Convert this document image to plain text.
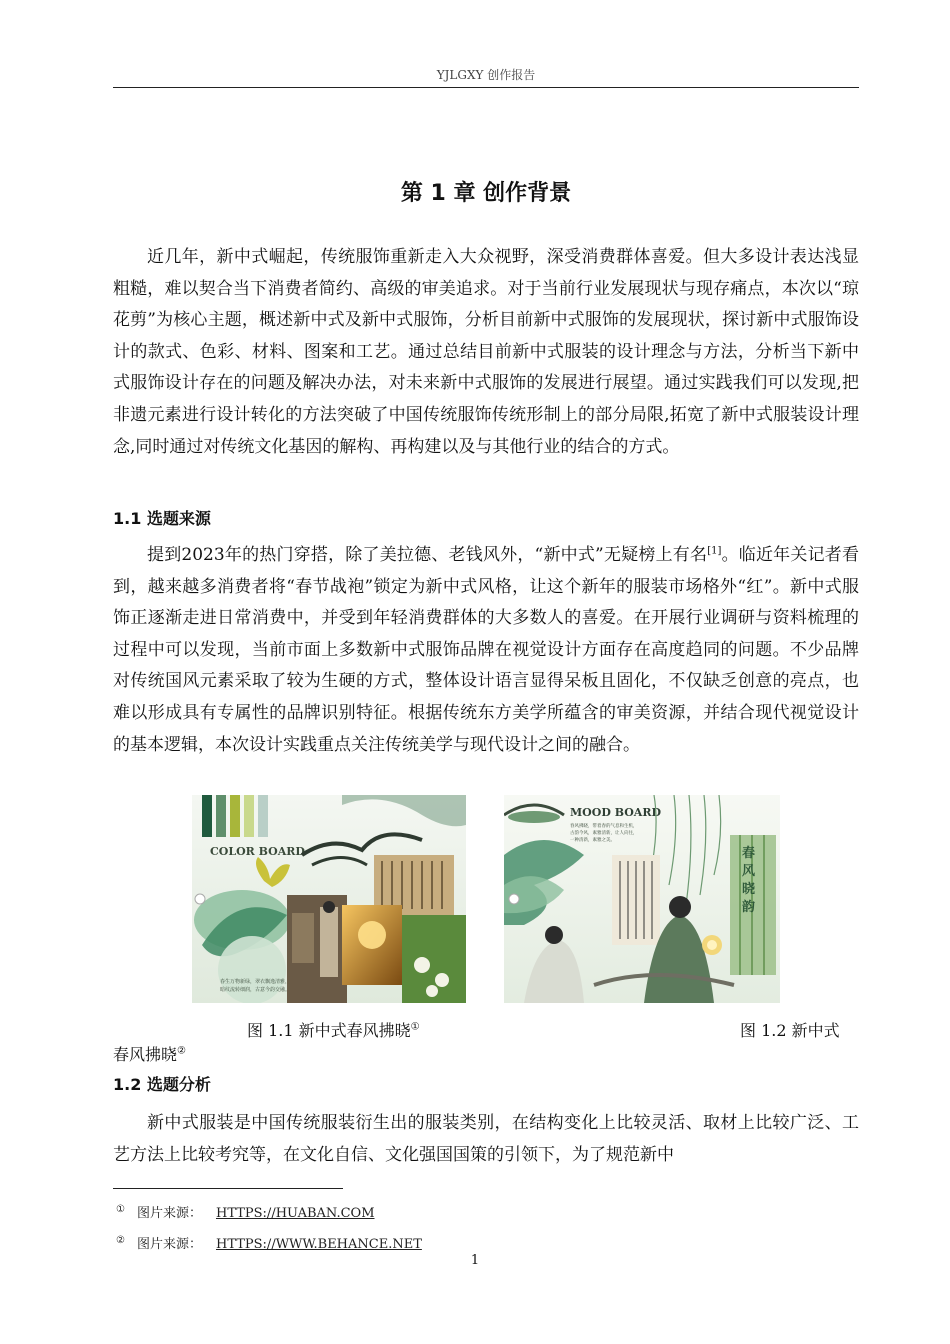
YJLGXY 创作报告
第 1 章 创作背景

近几年，新中式崛起，传统服饰重新走入大众视野，深受消费群体喜爱。但大多设计表达浅显粗糙，难以契合当下消费者简约、高级的审美追求。对于当前行业发展现状与现存痛点，本次以“琼花剪”为核心主题，概述新中式及新中式服饰，分析目前新中式服饰的发展现状，探讨新中式服饰设计的款式、色彩、材料、图案和工艺。通过总结目前新中式服装的设计理念与方法，分析当下新中式服饰设计存在的问题及解决办法，对未来新中式服饰的发展进行展望。通过实践我们可以发现,把非遗元素进行设计转化的方法突破了中国传统服饰传统形制上的部分局限,拓宽了新中式服装设计理念,同时通过对传统文化基因的解构、再构建以及与其他行业的结合的方式。

1.1 选题来源

提到2023年的热门穿搭，除了美拉德、老钱风外，“新中式”无疑榜上有名[1]。临近年关记者看到，越来越多消费者将“春节战袍”锁定为新中式风格，让这个新年的服装市场格外“红”。新中式服饰正逐渐走进日常消费中，并受到年轻消费群体的大多数人的喜爱。在开展行业调研与资料梳理的过程中可以发现，当前市面上多数新中式服饰品牌在视觉设计方面存在高度趋同的问题。不少品牌对传统国风元素采取了较为生硬的方式，整体设计语言显得呆板且固化，不仅缺乏创意的亮点，也难以形成具有专属性的品牌识别特征。根据传统东方美学所蕴含的审美资源，并结合现代视觉设计的基本逻辑，本次设计实践重点关注传统美学与现代设计之间的融合。

COLOR BOARD
春生万物新绿，翠衣飘逸清雅，
暗纹流转细润，古意今韵交融。
MOOD BOARD
春风拂晓，带着春的气息和生机，
古韵今风，素雅清新，让人向往，
一种清新，素雅之美。
春 风 晓 韵
图 1.1 新中式春风拂晓①	图 1.2 新中式
春风拂晓②
1.2 选题分析

新中式服装是中国传统服装衍生出的服装类别，在结构变化上比较灵活、取材上比较广泛、工艺方法上比较考究等，在文化自信、文化强国国策的引领下，为了规范新中

① 图片来源： HTTPS://HUABAN.COM
② 图片来源： HTTPS://WWW.BEHANCE.NET
1
